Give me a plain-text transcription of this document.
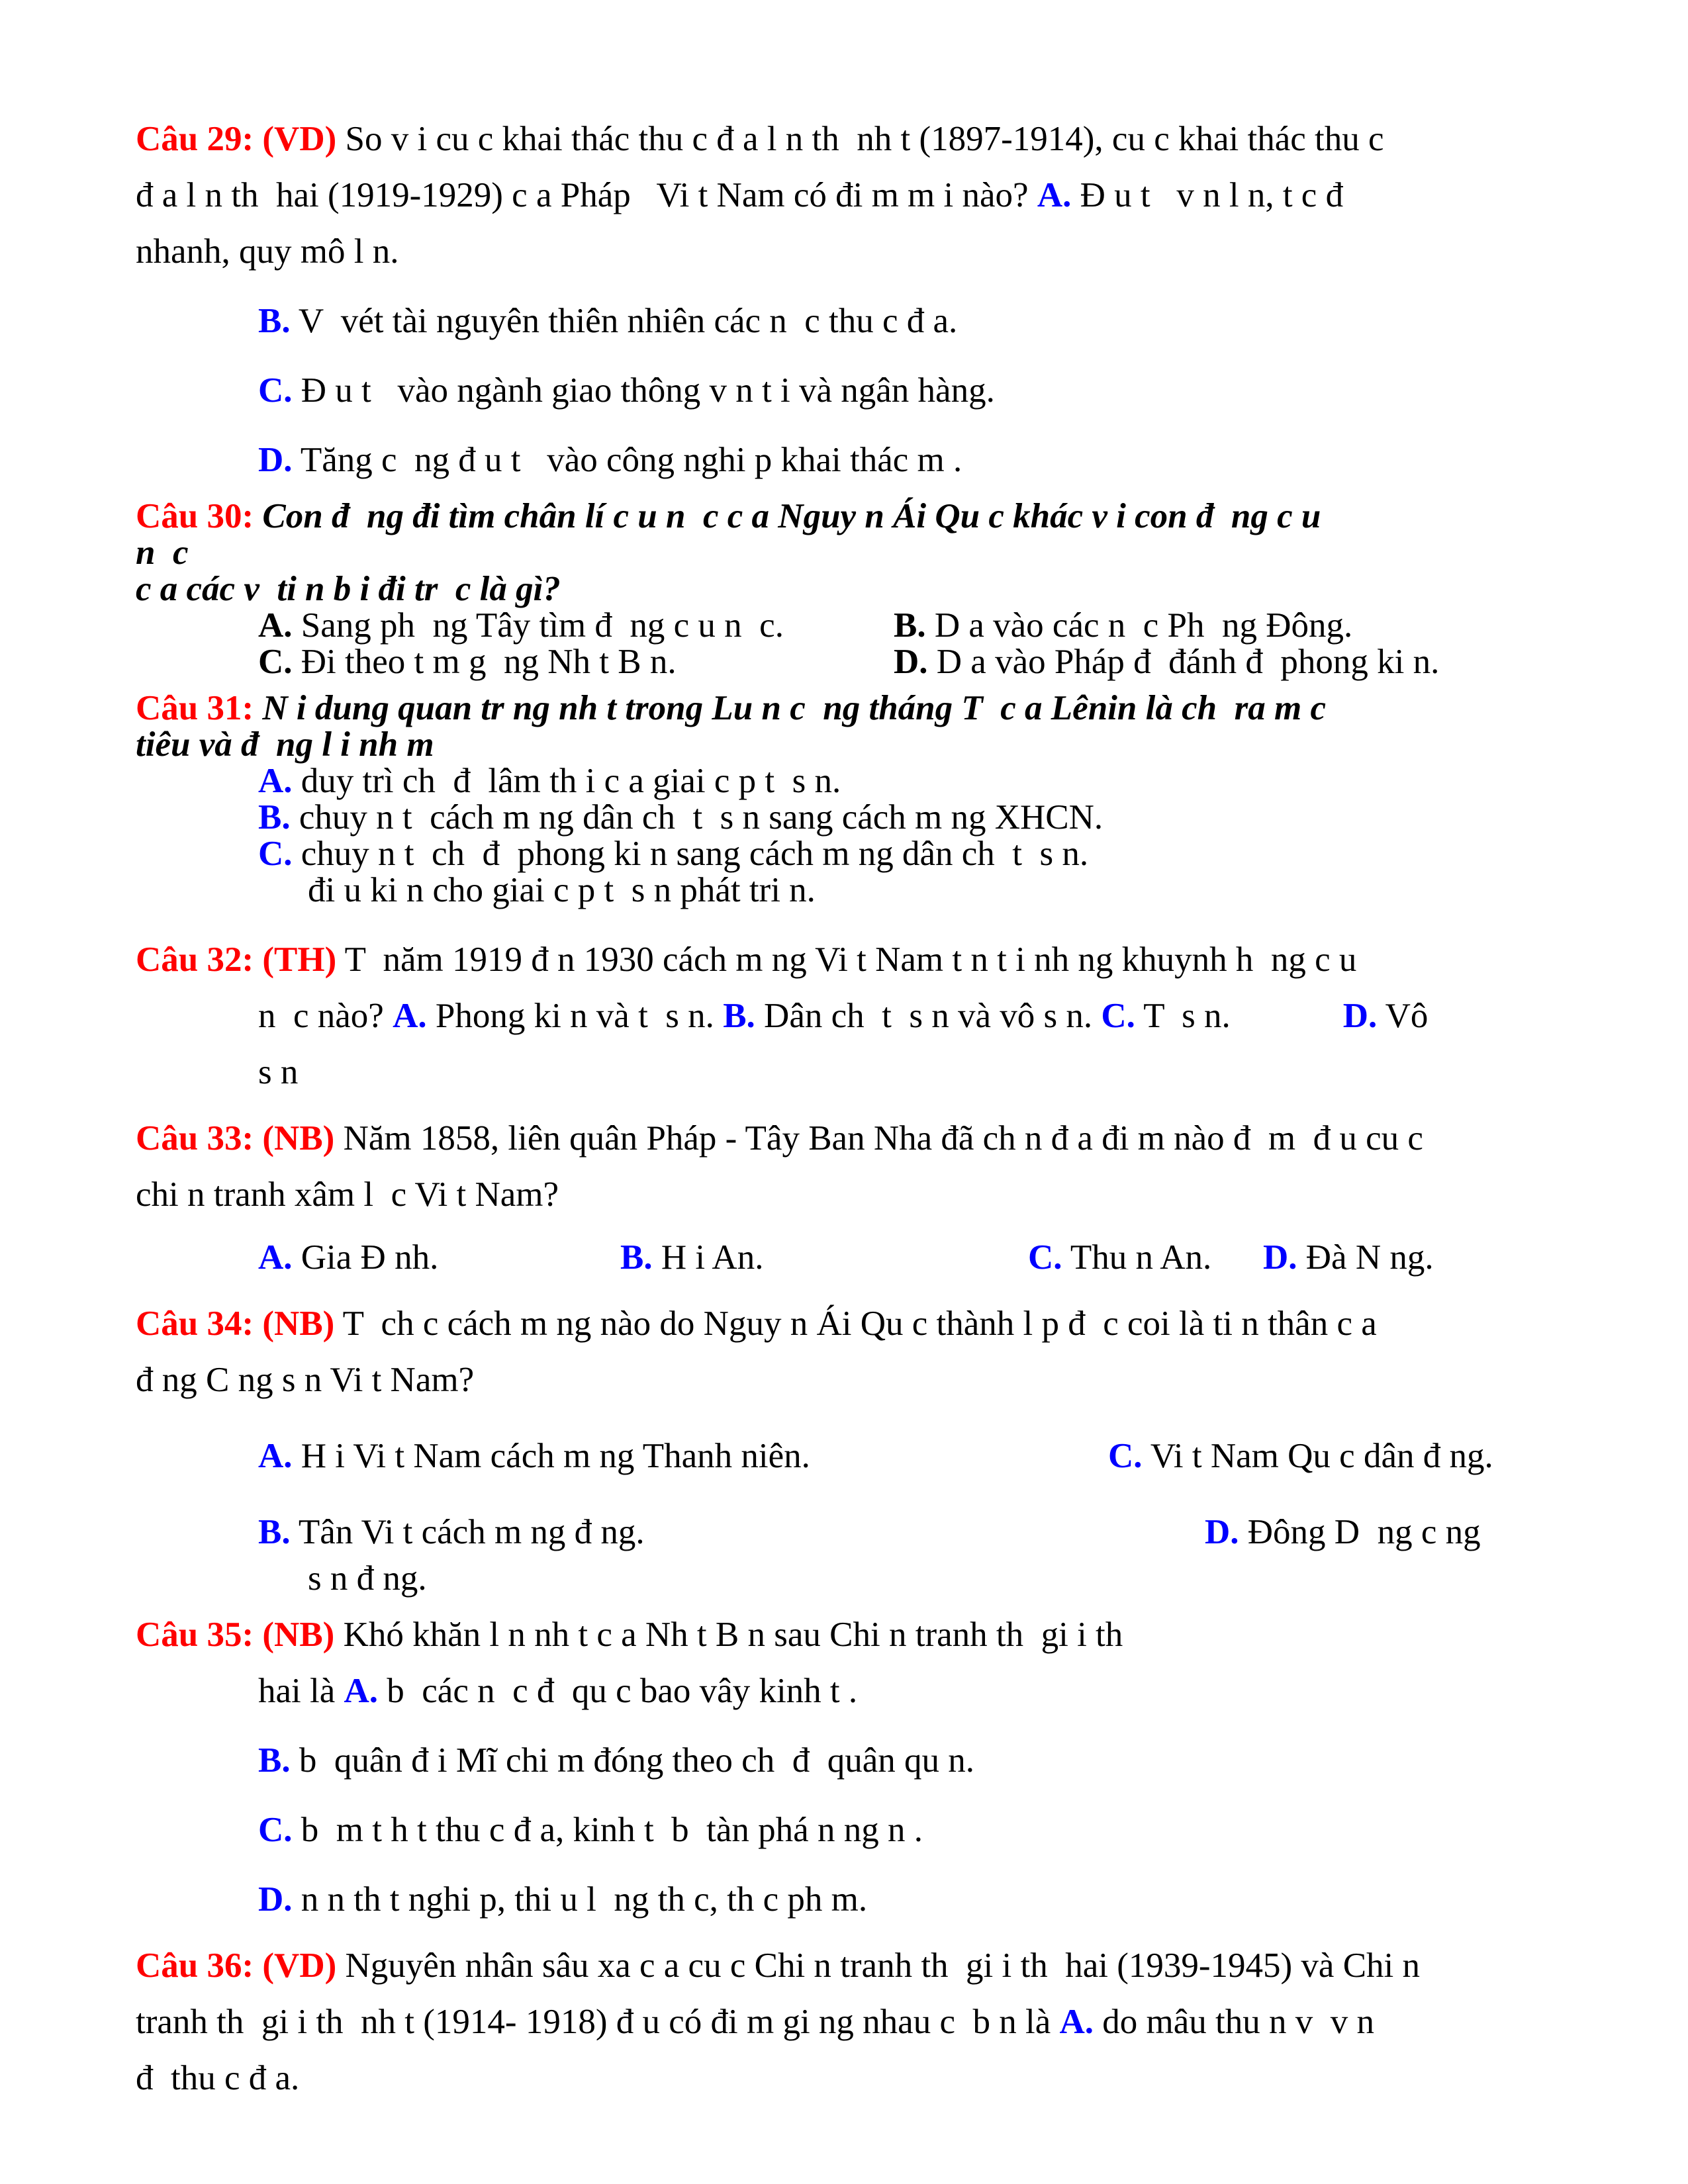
Câu 29: (VD) So v i cu c khai thác thu c đ a l n th  nh t (1897-1914), cu c khai thác thu c
đ a l n th  hai (1919-1929) c a Pháp   Vi t Nam có đi m m i nào? A. Đ u t   v n l n, t c đ
nhanh, quy mô l n.
B. V  vét tài nguyên thiên nhiên các n  c thu c đ a.
C. Đ u t   vào ngành giao thông v n t i và ngân hàng.
D. Tăng c  ng đ u t   vào công nghi p khai thác m .
Câu 30: Con đ  ng đi tìm chân lí c u n  c c a Nguy n Ái Qu c khác v i con đ  ng c u
n  c
c a các v  ti n b i đi tr  c là gì?
A. Sang ph  ng Tây tìm đ  ng c u n  c.	B. D a vào các n  c Ph  ng Đông.
C. Đi theo t m g  ng Nh t B n.	D. D a vào Pháp đ  đánh đ  phong ki n.
Câu 31: N i dung quan tr ng nh t trong Lu n c  ng tháng T  c a Lênin là ch  ra m c
tiêu và đ  ng l i nh m
A. duy trì ch  đ  lâm th i c a giai c p t  s n.
B. chuy n t  cách m ng dân ch  t  s n sang cách m ng XHCN.
C. chuy n t  ch  đ  phong ki n sang cách m ng dân ch  t  s n.
đi u ki n cho giai c p t  s n phát tri n.
Câu 32: (TH) T  năm 1919 đ n 1930 cách m ng Vi t Nam t n t i nh ng khuynh h  ng c u
n  c nào? A. Phong ki n và t  s n. B. Dân ch  t  s n và vô s n. C. T  s n.	D. Vô
s n
Câu 33: (NB) Năm 1858, liên quân Pháp - Tây Ban Nha đã ch n đ a đi m nào đ  m  đ u cu c
chi n tranh xâm l  c Vi t Nam?
A. Gia Đ nh.	B. H i An.	C. Thu n An. D. Đà N ng.
Câu 34: (NB) T  ch c cách m ng nào do Nguy n Ái Qu c thành l p đ  c coi là ti n thân c a
đ ng C ng s n Vi t Nam?
A. H i Vi t Nam cách m ng Thanh niên.	C. Vi t Nam Qu c dân đ ng.
B. Tân Vi t cách m ng đ ng.	D. Đông D  ng c ng
s n đ ng.
Câu 35: (NB) Khó khăn l n nh t c a Nh t B n sau Chi n tranh th  gi i th
hai là A. b  các n  c đ  qu c bao vây kinh t .
B. b  quân đ i Mĩ chi m đóng theo ch  đ  quân qu n.
C. b  m t h t thu c đ a, kinh t  b  tàn phá n ng n .
D. n n th t nghi p, thi u l  ng th c, th c ph m.
Câu 36: (VD) Nguyên nhân sâu xa c a cu c Chi n tranh th  gi i th  hai (1939-1945) và Chi n
tranh th  gi i th  nh t (1914- 1918) đ u có đi m gi ng nhau c  b n là A. do mâu thu n v  v n
đ  thu c đ a.
